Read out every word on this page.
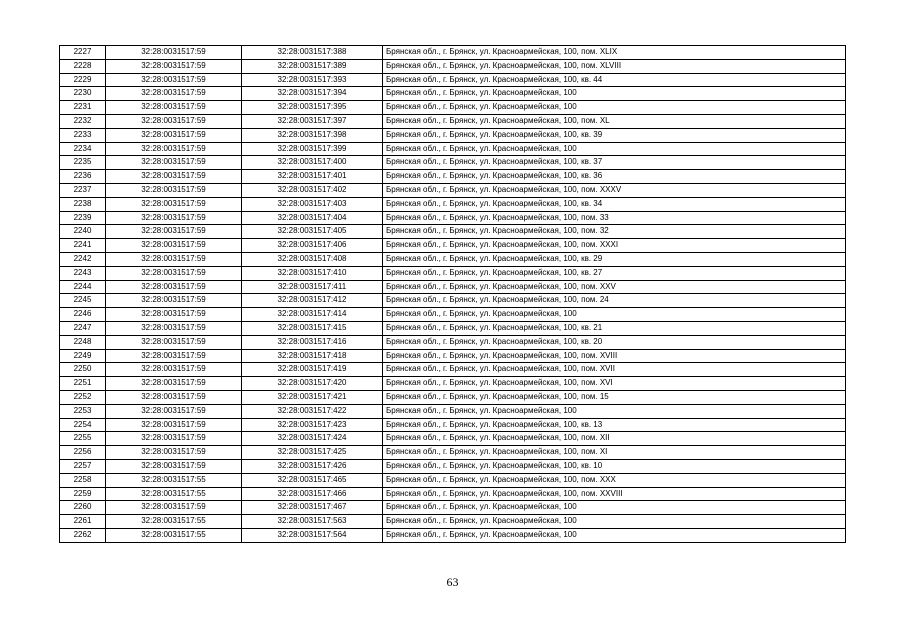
2227	32:28:0031517:59	32:28:0031517:388	Брянская обл., г. Брянск, ул. Красноармейская, 100, пом. XLIX
2228	32:28:0031517:59	32:28:0031517:389	Брянская обл., г. Брянск, ул. Красноармейская, 100, пом. XLVIII
2229	32:28:0031517:59	32:28:0031517:393	Брянская обл., г. Брянск, ул. Красноармейская, 100, кв. 44
2230	32:28:0031517:59	32:28:0031517:394	Брянская обл., г. Брянск, ул. Красноармейская, 100
2231	32:28:0031517:59	32:28:0031517:395	Брянская обл., г. Брянск, ул. Красноармейская, 100
2232	32:28:0031517:59	32:28:0031517:397	Брянская обл., г. Брянск, ул. Красноармейская, 100, пом. XL
2233	32:28:0031517:59	32:28:0031517:398	Брянская обл., г. Брянск, ул. Красноармейская, 100, кв. 39
2234	32:28:0031517:59	32:28:0031517:399	Брянская обл., г. Брянск, ул. Красноармейская, 100
2235	32:28:0031517:59	32:28:0031517:400	Брянская обл., г. Брянск, ул. Красноармейская, 100, кв. 37
2236	32:28:0031517:59	32:28:0031517:401	Брянская обл., г. Брянск, ул. Красноармейская, 100, кв. 36
2237	32:28:0031517:59	32:28:0031517:402	Брянская обл., г. Брянск, ул. Красноармейская, 100, пом. XXXV
2238	32:28:0031517:59	32:28:0031517:403	Брянская обл., г. Брянск, ул. Красноармейская, 100, кв. 34
2239	32:28:0031517:59	32:28:0031517:404	Брянская обл., г. Брянск, ул. Красноармейская, 100, пом. 33
2240	32:28:0031517:59	32:28:0031517:405	Брянская обл., г. Брянск, ул. Красноармейская, 100, пом. 32
2241	32:28:0031517:59	32:28:0031517:406	Брянская обл., г. Брянск, ул. Красноармейская, 100, пом. XXXI
2242	32:28:0031517:59	32:28:0031517:408	Брянская обл., г. Брянск, ул. Красноармейская, 100, кв. 29
2243	32:28:0031517:59	32:28:0031517:410	Брянская обл., г. Брянск, ул. Красноармейская, 100, кв. 27
2244	32:28:0031517:59	32:28:0031517:411	Брянская обл., г. Брянск, ул. Красноармейская, 100, пом. XXV
2245	32:28:0031517:59	32:28:0031517:412	Брянская обл., г. Брянск, ул. Красноармейская, 100, пом. 24
2246	32:28:0031517:59	32:28:0031517:414	Брянская обл., г. Брянск, ул. Красноармейская, 100
2247	32:28:0031517:59	32:28:0031517:415	Брянская обл., г. Брянск, ул. Красноармейская, 100, кв. 21
2248	32:28:0031517:59	32:28:0031517:416	Брянская обл., г. Брянск, ул. Красноармейская, 100, кв. 20
2249	32:28:0031517:59	32:28:0031517:418	Брянская обл., г. Брянск, ул. Красноармейская, 100, пом. XVIII
2250	32:28:0031517:59	32:28:0031517:419	Брянская обл., г. Брянск, ул. Красноармейская, 100, пом. XVII
2251	32:28:0031517:59	32:28:0031517:420	Брянская обл., г. Брянск, ул. Красноармейская, 100, пом. XVI
2252	32:28:0031517:59	32:28:0031517:421	Брянская обл., г. Брянск, ул. Красноармейская, 100, пом. 15
2253	32:28:0031517:59	32:28:0031517:422	Брянская обл., г. Брянск, ул. Красноармейская, 100
2254	32:28:0031517:59	32:28:0031517:423	Брянская обл., г. Брянск, ул. Красноармейская, 100, кв. 13
2255	32:28:0031517:59	32:28:0031517:424	Брянская обл., г. Брянск, ул. Красноармейская, 100, пом. XII
2256	32:28:0031517:59	32:28:0031517:425	Брянская обл., г. Брянск, ул. Красноармейская, 100, пом. XI
2257	32:28:0031517:59	32:28:0031517:426	Брянская обл., г. Брянск, ул. Красноармейская, 100, кв. 10
2258	32:28:0031517:55	32:28:0031517:465	Брянская обл., г. Брянск, ул. Красноармейская, 100, пом. XXX
2259	32:28:0031517:55	32:28:0031517:466	Брянская обл., г. Брянск, ул. Красноармейская, 100, пом. XXVIII
2260	32:28:0031517:59	32:28:0031517:467	Брянская обл., г. Брянск, ул. Красноармейская, 100
2261	32:28:0031517:55	32:28:0031517:563	Брянская обл., г. Брянск, ул. Красноармейская, 100
2262	32:28:0031517:55	32:28:0031517:564	Брянская обл., г. Брянск, ул. Красноармейская, 100
63
